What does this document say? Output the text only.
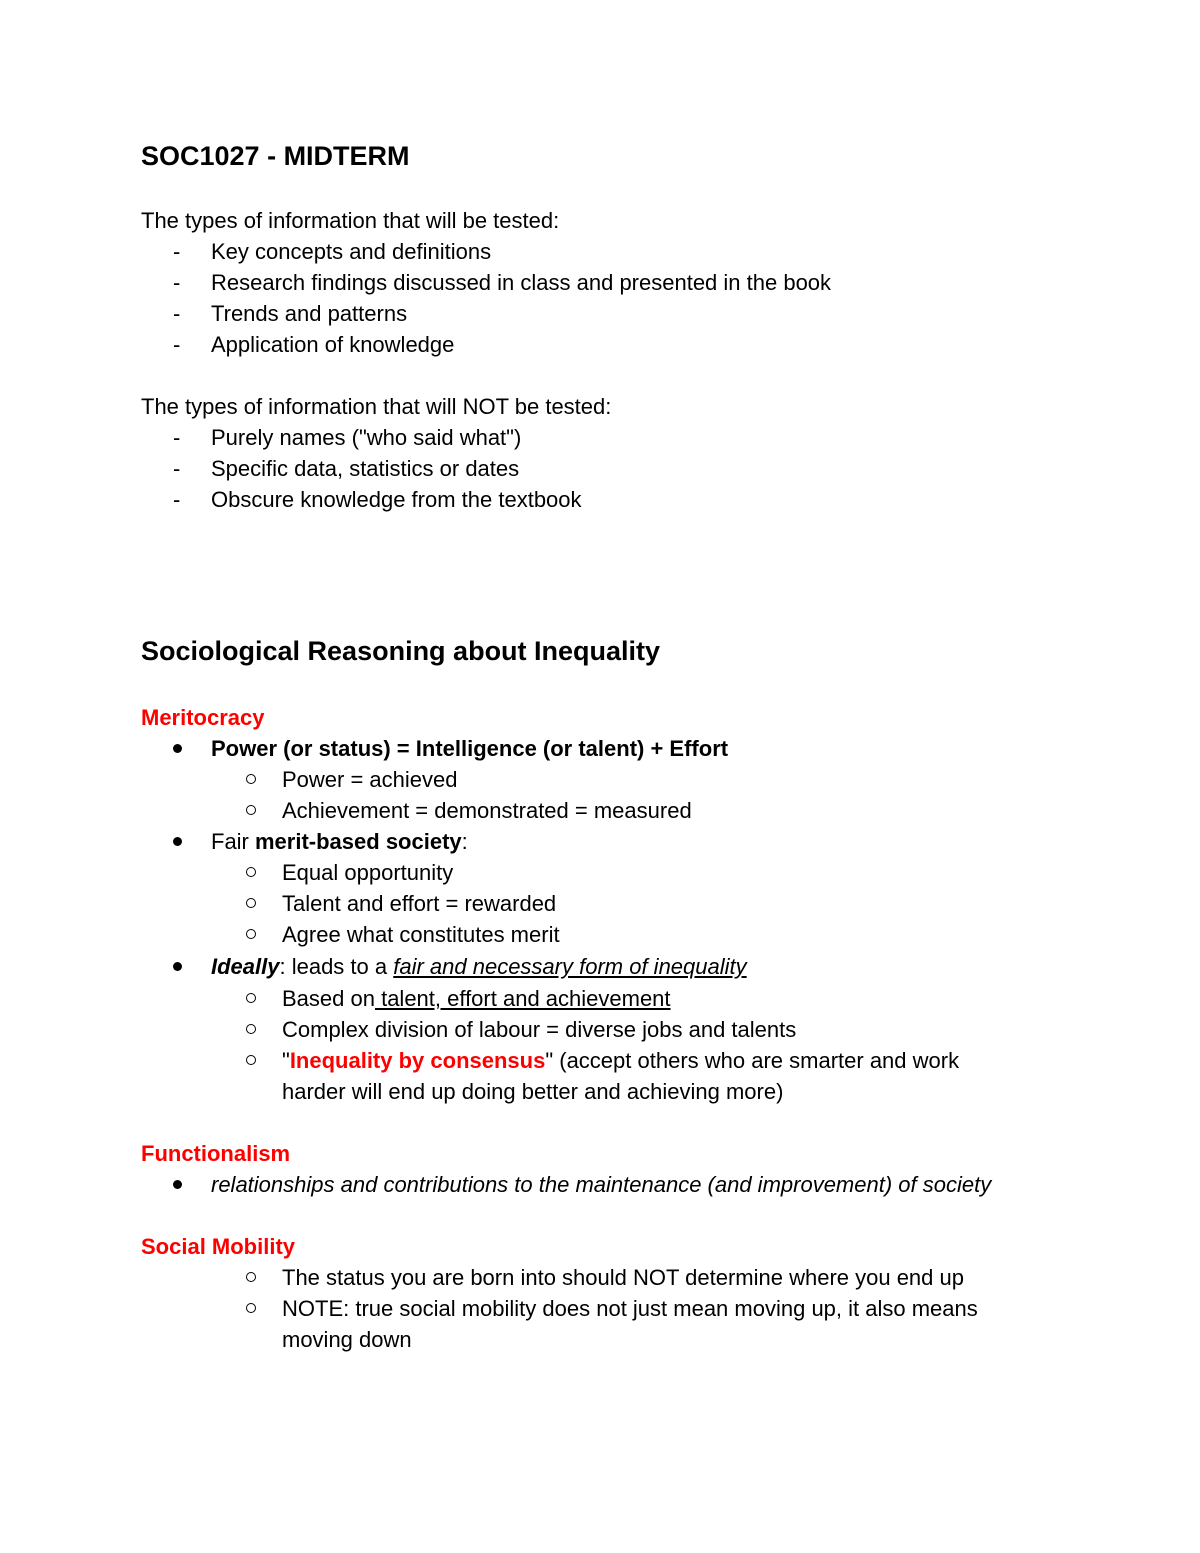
SOC1027 - MIDTERM
The types of information that will be tested:
- Key concepts and definitions
- Research findings discussed in class and presented in the book
- Trends and patterns
- Application of knowledge
The types of information that will NOT be tested:
- Purely names ("who said what")
- Specific data, statistics or dates
- Obscure knowledge from the textbook
Sociological Reasoning about Inequality
Meritocracy
Power (or status) = Intelligence (or talent) + Effort
Power = achieved
Achievement = demonstrated = measured
Fair merit-based society:
Equal opportunity
Talent and effort = rewarded
Agree what constitutes merit
Ideally: leads to a fair and necessary form of inequality
Based on talent, effort and achievement
Complex division of labour = diverse jobs and talents
"Inequality by consensus" (accept others who are smarter and work
harder will end up doing better and achieving more)
Functionalism
relationships and contributions to the maintenance (and improvement) of society
Social Mobility
The status you are born into should NOT determine where you end up
NOTE: true social mobility does not just mean moving up, it also means
moving down
